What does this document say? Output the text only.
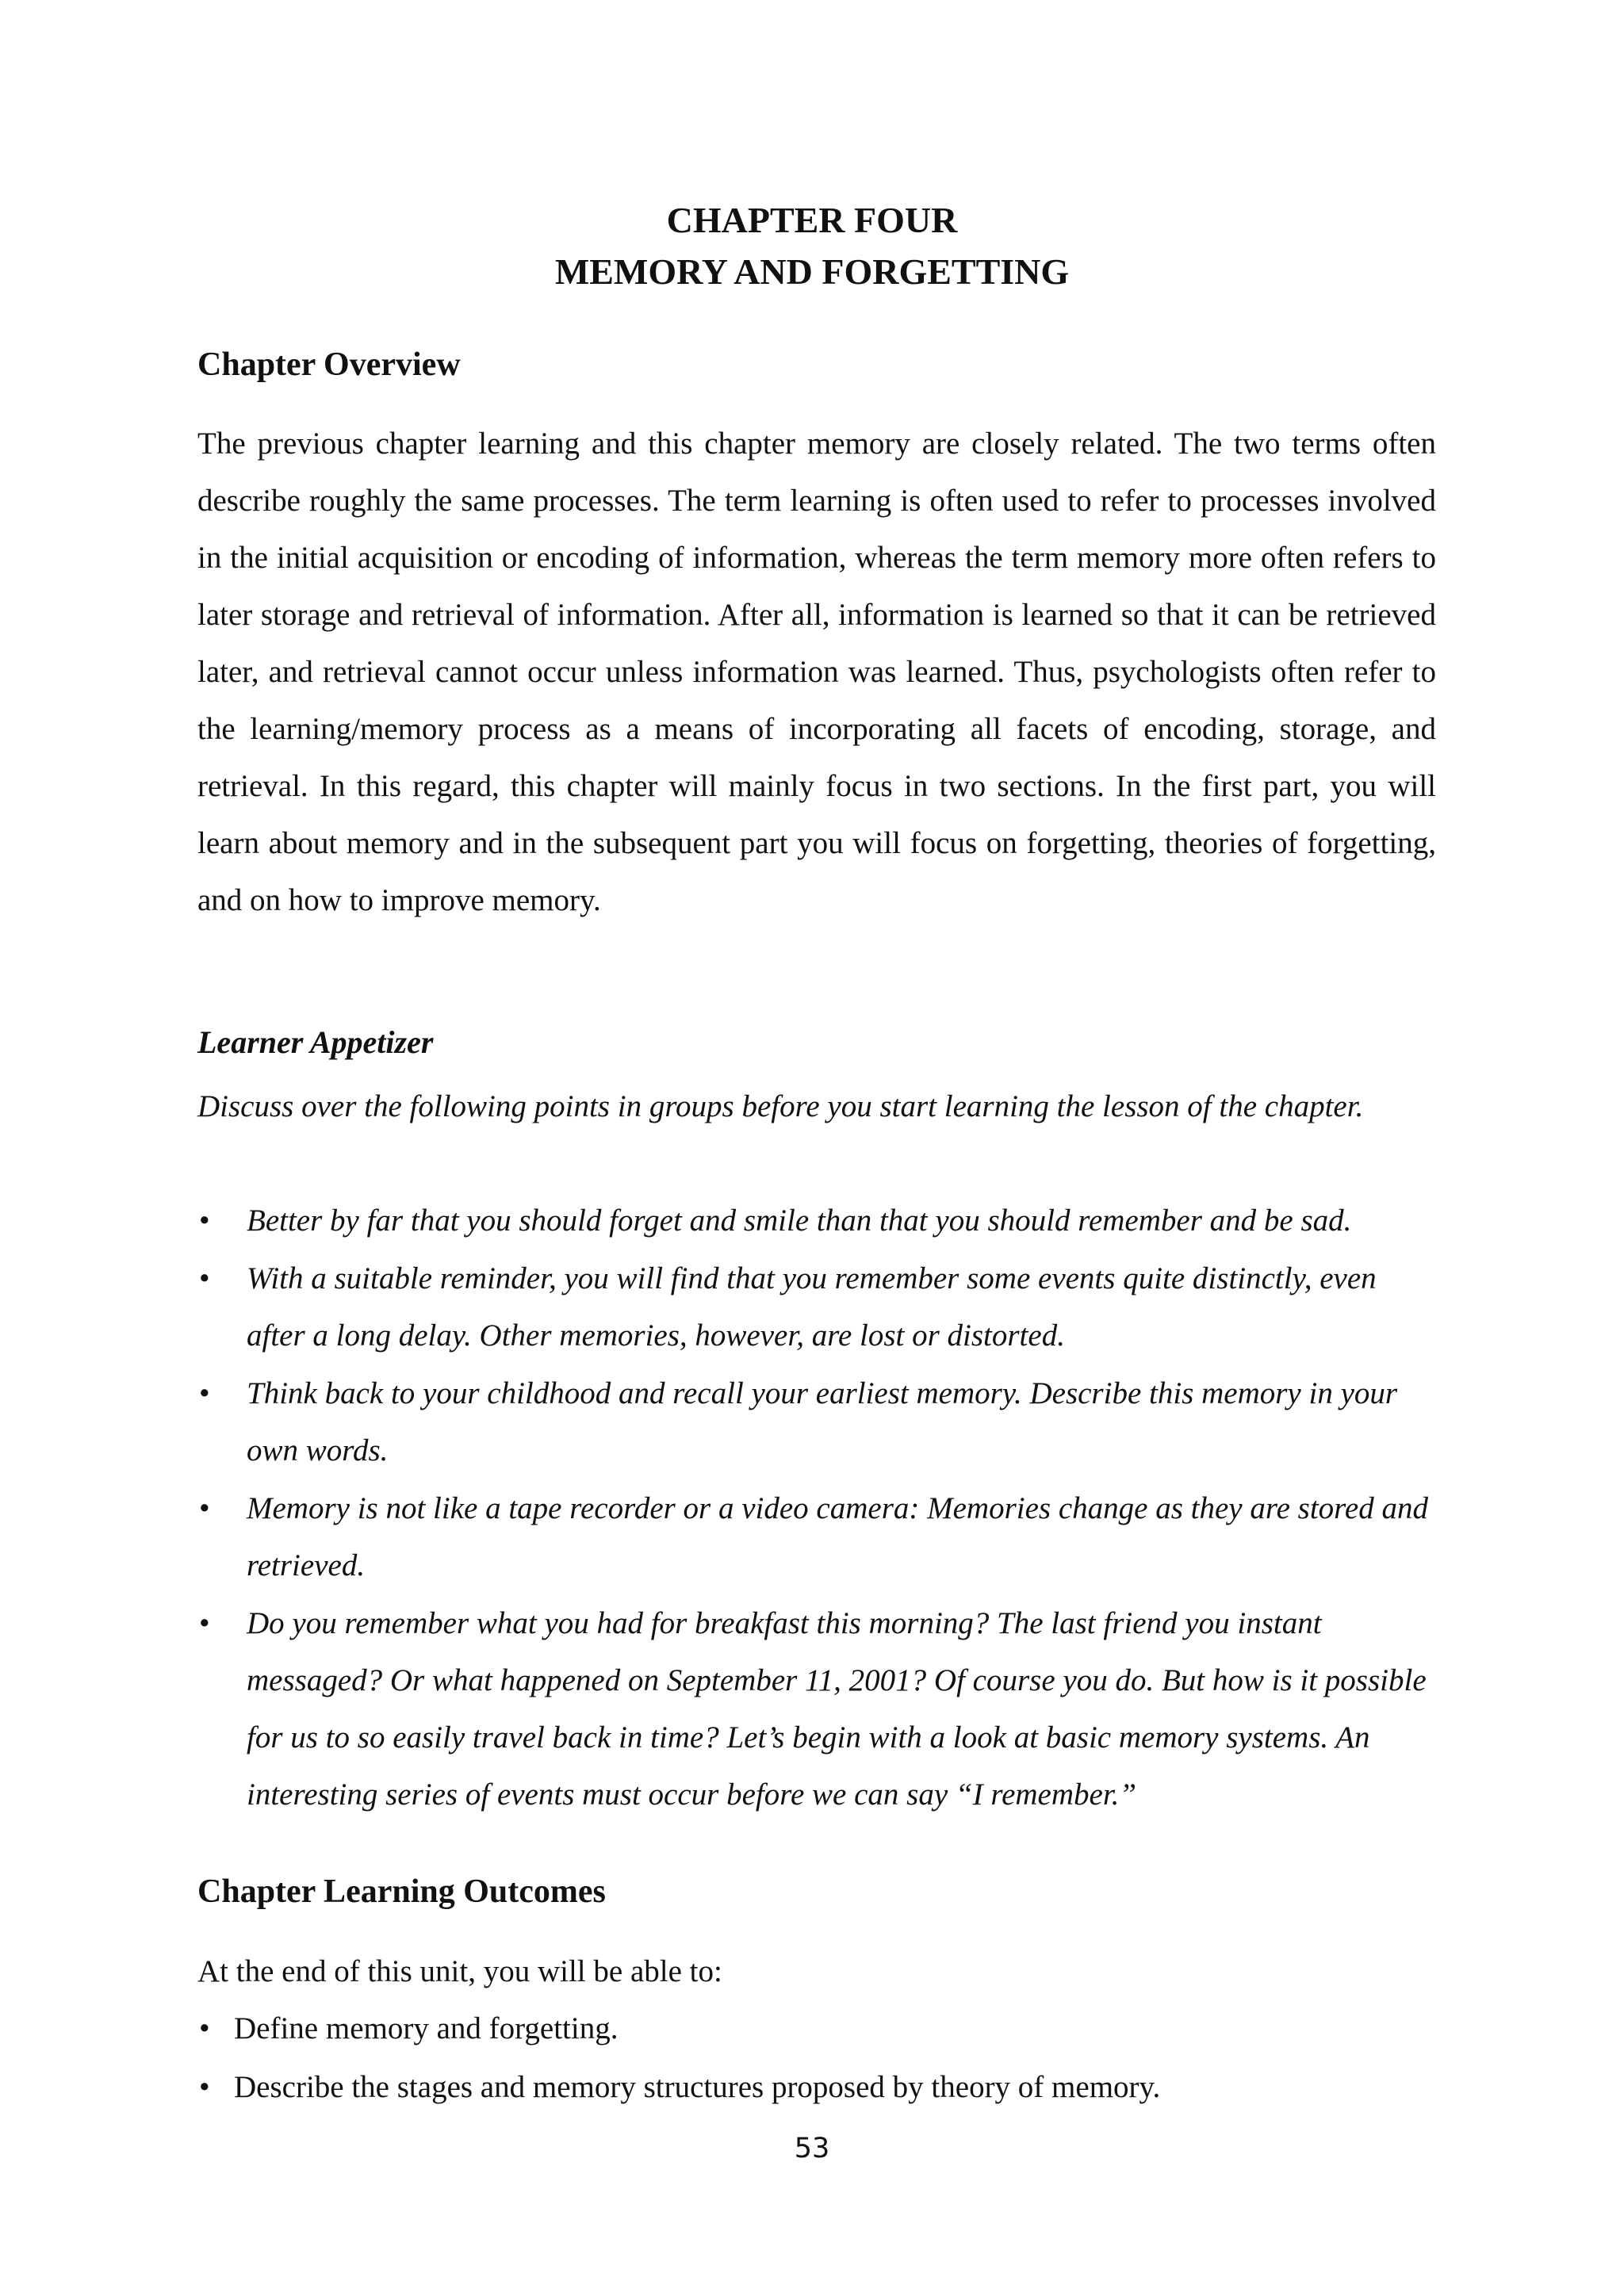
CHAPTER FOUR
MEMORY AND FORGETTING
Chapter Overview

The previous chapter learning and this chapter memory are closely related. The two terms often describe roughly the same processes. The term learning is often used to refer to processes involved in the initial acquisition or encoding of information, whereas the term memory more often refers to later storage and retrieval of information. After all, information is learned so that it can be retrieved later, and retrieval cannot occur unless information was learned. Thus, psychologists often refer to the learning/memory process as a means of incorporating all facets of encoding, storage, and retrieval. In this regard, this chapter will mainly focus in two sections. In the first part, you will learn about memory and in the subsequent part you will focus on forgetting, theories of forgetting, and on how to improve memory.

Learner Appetizer

Discuss over the following points in groups before you start learning the lesson of the chapter.

• Better by far that you should forget and smile than that you should remember and be sad.
• With a suitable reminder, you will find that you remember some events quite distinctly, even after a long delay. Other memories, however, are lost or distorted.
• Think back to your childhood and recall your earliest memory. Describe this memory in your own words.
• Memory is not like a tape recorder or a video camera: Memories change as they are stored and retrieved.
• Do you remember what you had for breakfast this morning? The last friend you instant messaged? Or what happened on September 11, 2001? Of course you do. But how is it possible for us to so easily travel back in time? Let’s begin with a look at basic memory systems. An interesting series of events must occur before we can say “I remember.”
Chapter Learning Outcomes

At the end of this unit, you will be able to:

• Define memory and forgetting.
• Describe the stages and memory structures proposed by theory of memory.
53
